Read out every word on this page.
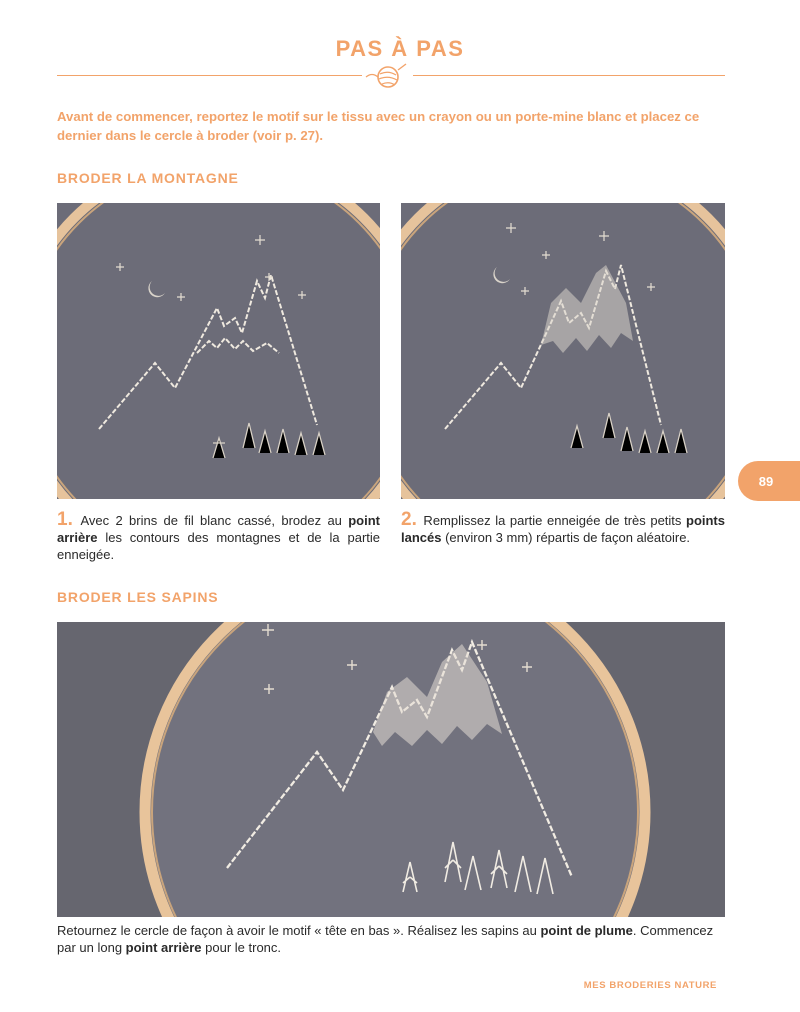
PAS À PAS
Avant de commencer, reportez le motif sur le tissu avec un crayon ou un porte-mine blanc et placez ce dernier dans le cercle à broder (voir p. 27).
BRODER LA MONTAGNE
1. Avec 2 brins de fil blanc cassé, brodez au point arrière les contours des montagnes et de la partie enneigée.
2. Remplissez la partie enneigée de très petits points lancés (environ 3 mm) répartis de façon aléatoire.
89
BRODER LES SAPINS
Retournez le cercle de façon à avoir le motif « tête en bas ». Réalisez les sapins au point de plume. Commencez par un long point arrière pour le tronc.
MES BRODERIES NATURE
